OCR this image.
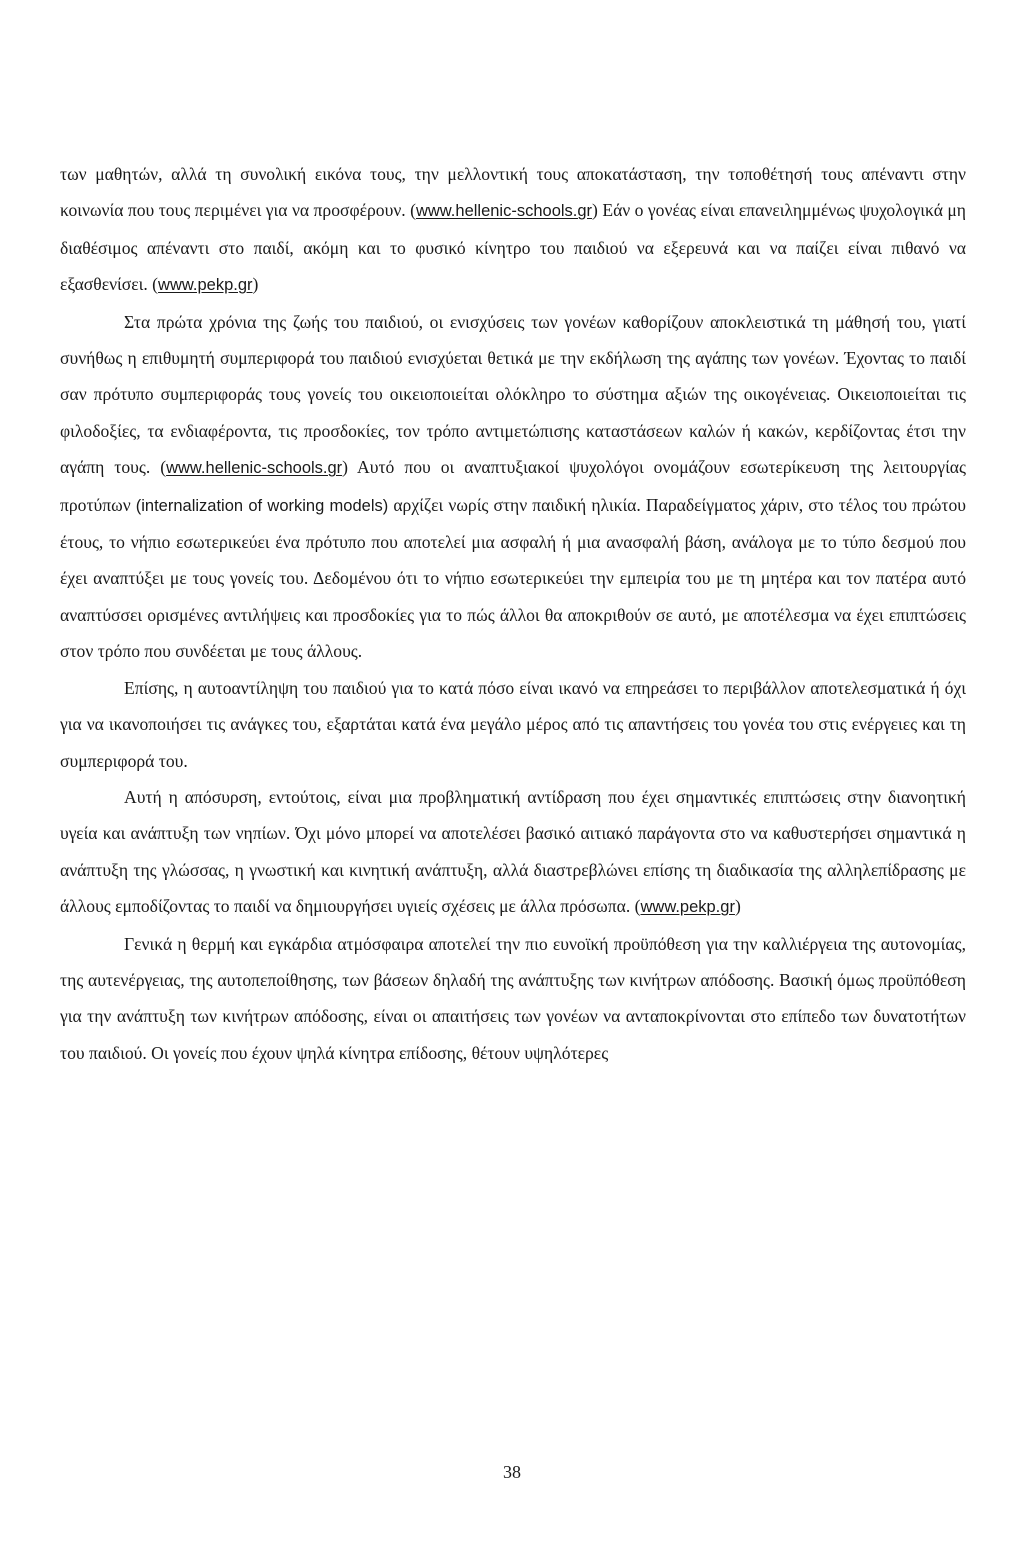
των μαθητών, αλλά τη συνολική εικόνα τους, την μελλοντική τους αποκατάσταση, την τοποθέτησή τους απέναντι στην κοινωνία που τους περιμένει για να προσφέρουν. (www.hellenic-schools.gr) Εάν ο γονέας είναι επανειλημμένως ψυχολογικά μη διαθέσιμος απέναντι στο παιδί, ακόμη και το φυσικό κίνητρο του παιδιού να εξερευνά και να παίζει είναι πιθανό να εξασθενίσει. (www.pekp.gr)

Στα πρώτα χρόνια της ζωής του παιδιού, οι ενισχύσεις των γονέων καθορίζουν αποκλειστικά τη μάθησή του, γιατί συνήθως η επιθυμητή συμπεριφορά του παιδιού ενισχύεται θετικά με την εκδήλωση της αγάπης των γονέων. Έχοντας το παιδί σαν πρότυπο συμπεριφοράς τους γονείς του οικειοποιείται ολόκληρο το σύστημα αξιών της οικογένειας. Οικειοποιείται τις φιλοδοξίες, τα ενδιαφέροντα, τις προσδοκίες, τον τρόπο αντιμετώπισης καταστάσεων καλών ή κακών, κερδίζοντας έτσι την αγάπη τους. (www.hellenic-schools.gr) Αυτό που οι αναπτυξιακοί ψυχολόγοι ονομάζουν εσωτερίκευση της λειτουργίας προτύπων (internalization of working models) αρχίζει νωρίς στην παιδική ηλικία. Παραδείγματος χάριν, στο τέλος του πρώτου έτους, το νήπιο εσωτερικεύει ένα πρότυπο που αποτελεί μια ασφαλή ή μια ανασφαλή βάση, ανάλογα με το τύπο δεσμού που έχει αναπτύξει με τους γονείς του. Δεδομένου ότι το νήπιο εσωτερικεύει την εμπειρία του με τη μητέρα και τον πατέρα αυτό αναπτύσσει ορισμένες αντιλήψεις και προσδοκίες για το πώς άλλοι θα αποκριθούν σε αυτό, με αποτέλεσμα να έχει επιπτώσεις στον τρόπο που συνδέεται με τους άλλους.

Επίσης, η αυτοαντίληψη του παιδιού για το κατά πόσο είναι ικανό να επηρεάσει το περιβάλλον αποτελεσματικά ή όχι για να ικανοποιήσει τις ανάγκες του, εξαρτάται κατά ένα μεγάλο μέρος από τις απαντήσεις του γονέα του στις ενέργειες και τη συμπεριφορά του.

Αυτή η απόσυρση, εντούτοις, είναι μια προβληματική αντίδραση που έχει σημαντικές επιπτώσεις στην διανοητική υγεία και ανάπτυξη των νηπίων. Όχι μόνο μπορεί να αποτελέσει βασικό αιτιακό παράγοντα στο να καθυστερήσει σημαντικά η ανάπτυξη της γλώσσας, η γνωστική και κινητική ανάπτυξη, αλλά διαστρεβλώνει επίσης τη διαδικασία της αλληλεπίδρασης με άλλους εμποδίζοντας το παιδί να δημιουργήσει υγιείς σχέσεις με άλλα πρόσωπα. (www.pekp.gr)

Γενικά η θερμή και εγκάρδια ατμόσφαιρα αποτελεί την πιο ευνοϊκή προϋπόθεση για την καλλιέργεια της αυτονομίας, της αυτενέργειας, της αυτοπεποίθησης, των βάσεων δηλαδή της ανάπτυξης των κινήτρων απόδοσης. Βασική όμως προϋπόθεση για την ανάπτυξη των κινήτρων απόδοσης, είναι οι απαιτήσεις των γονέων να ανταποκρίνονται στο επίπεδο των δυνατοτήτων του παιδιού. Οι γονείς που έχουν ψηλά κίνητρα επίδοσης, θέτουν υψηλότερες

38
